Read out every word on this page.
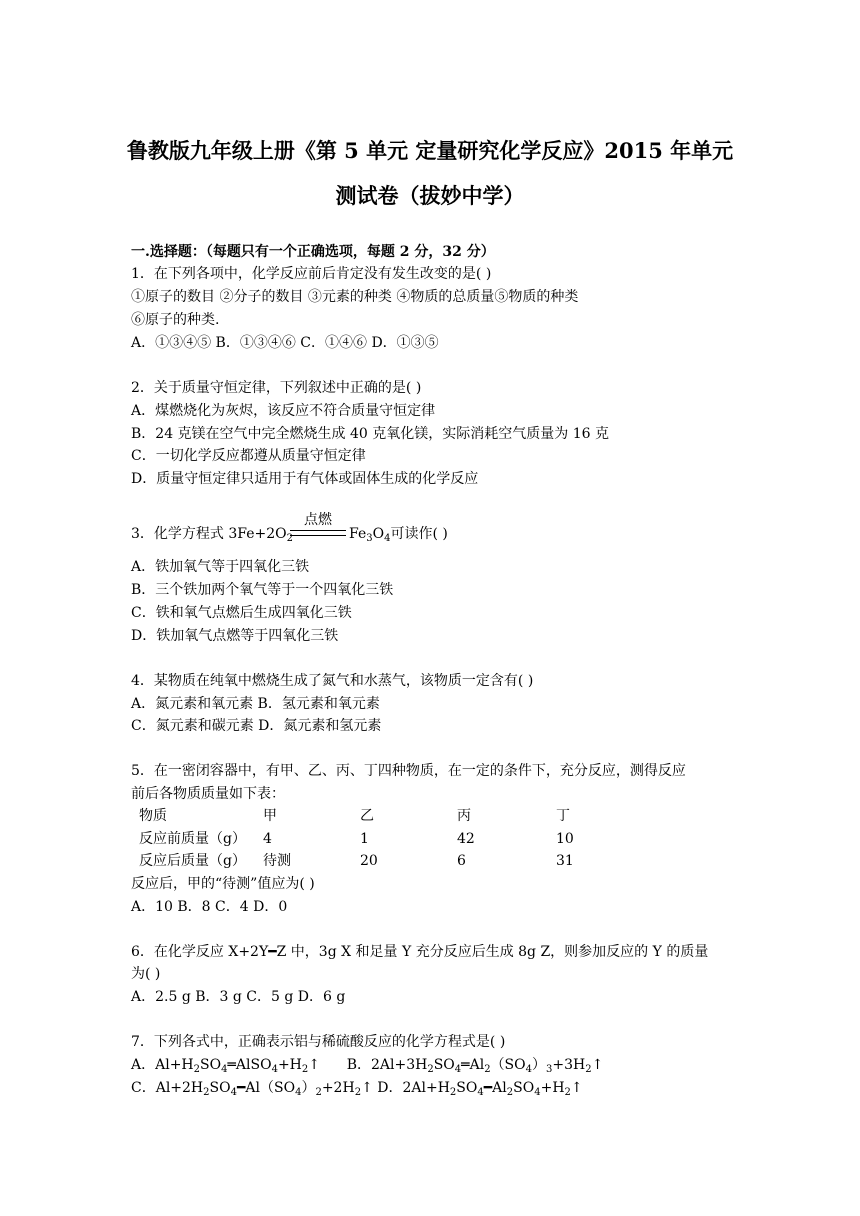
鲁教版九年级上册《第 5 单元 定量研究化学反应》2015 年单元
测试卷（拔妙中学）
一.选择题：（每题只有一个正确选项，每题 2 分，32 分）
1．在下列各项中，化学反应前后肯定没有发生改变的是( )
①原子的数目 ②分子的数目 ③元素的种类 ④物质的总质量⑤物质的种类
⑥原子的种类.
A．①③④⑤ B．①③④⑥ C．①④⑥ D．①③⑤
2．关于质量守恒定律，下列叙述中正确的是( )
A．煤燃烧化为灰烬，该反应不符合质量守恒定律
B．24 克镁在空气中完全燃烧生成 40 克氧化镁，实际消耗空气质量为 16 克
C．一切化学反应都遵从质量守恒定律
D．质量守恒定律只适用于有气体或固体生成的化学反应
3．化学方程式 $3Fe+2O_2$	$Fe_3O_4$可读作( )
点燃
A．铁加氧气等于四氧化三铁
B．三个铁加两个氧气等于一个四氧化三铁
C．铁和氧气点燃后生成四氧化三铁
D．铁加氧气点燃等于四氧化三铁
4．某物质在纯氧中燃烧生成了氮气和水蒸气，该物质一定含有( )
A．氮元素和氧元素 B．氢元素和氧元素
C．氮元素和碳元素 D．氮元素和氢元素
5．在一密闭容器中，有甲、乙、丙、丁四种物质，在一定的条件下，充分反应，测得反应
前后各物质质量如下表：
物质	甲	乙	丙	丁
反应前质量（g） 4	1	42	10
反应后质量（g） 待测	20	6	31
反应后，甲的“待测”值应为( )
A．10 B．8 C．4 D．0
6．在化学反应 X+2Y━Z 中，3g X 和足量 Y 充分反应后生成 8g Z，则参加反应的 Y 的质量
为( )
A．2.5 g B．3 g C．5 g D．6 g
7．下列各式中，正确表示铝与稀硫酸反应的化学方程式是( )
A．$Al+H_2SO_4═AlSO_4+H_2↑$      B．$2Al+3H_2SO_4═Al_2(SO_4)_3+3H_2↑$
C．$Al+2H_2SO_4━Al(SO_4)_2+2H_2↑$ D．$2Al+H_2SO_4━Al_2SO_4+H_2↑$
